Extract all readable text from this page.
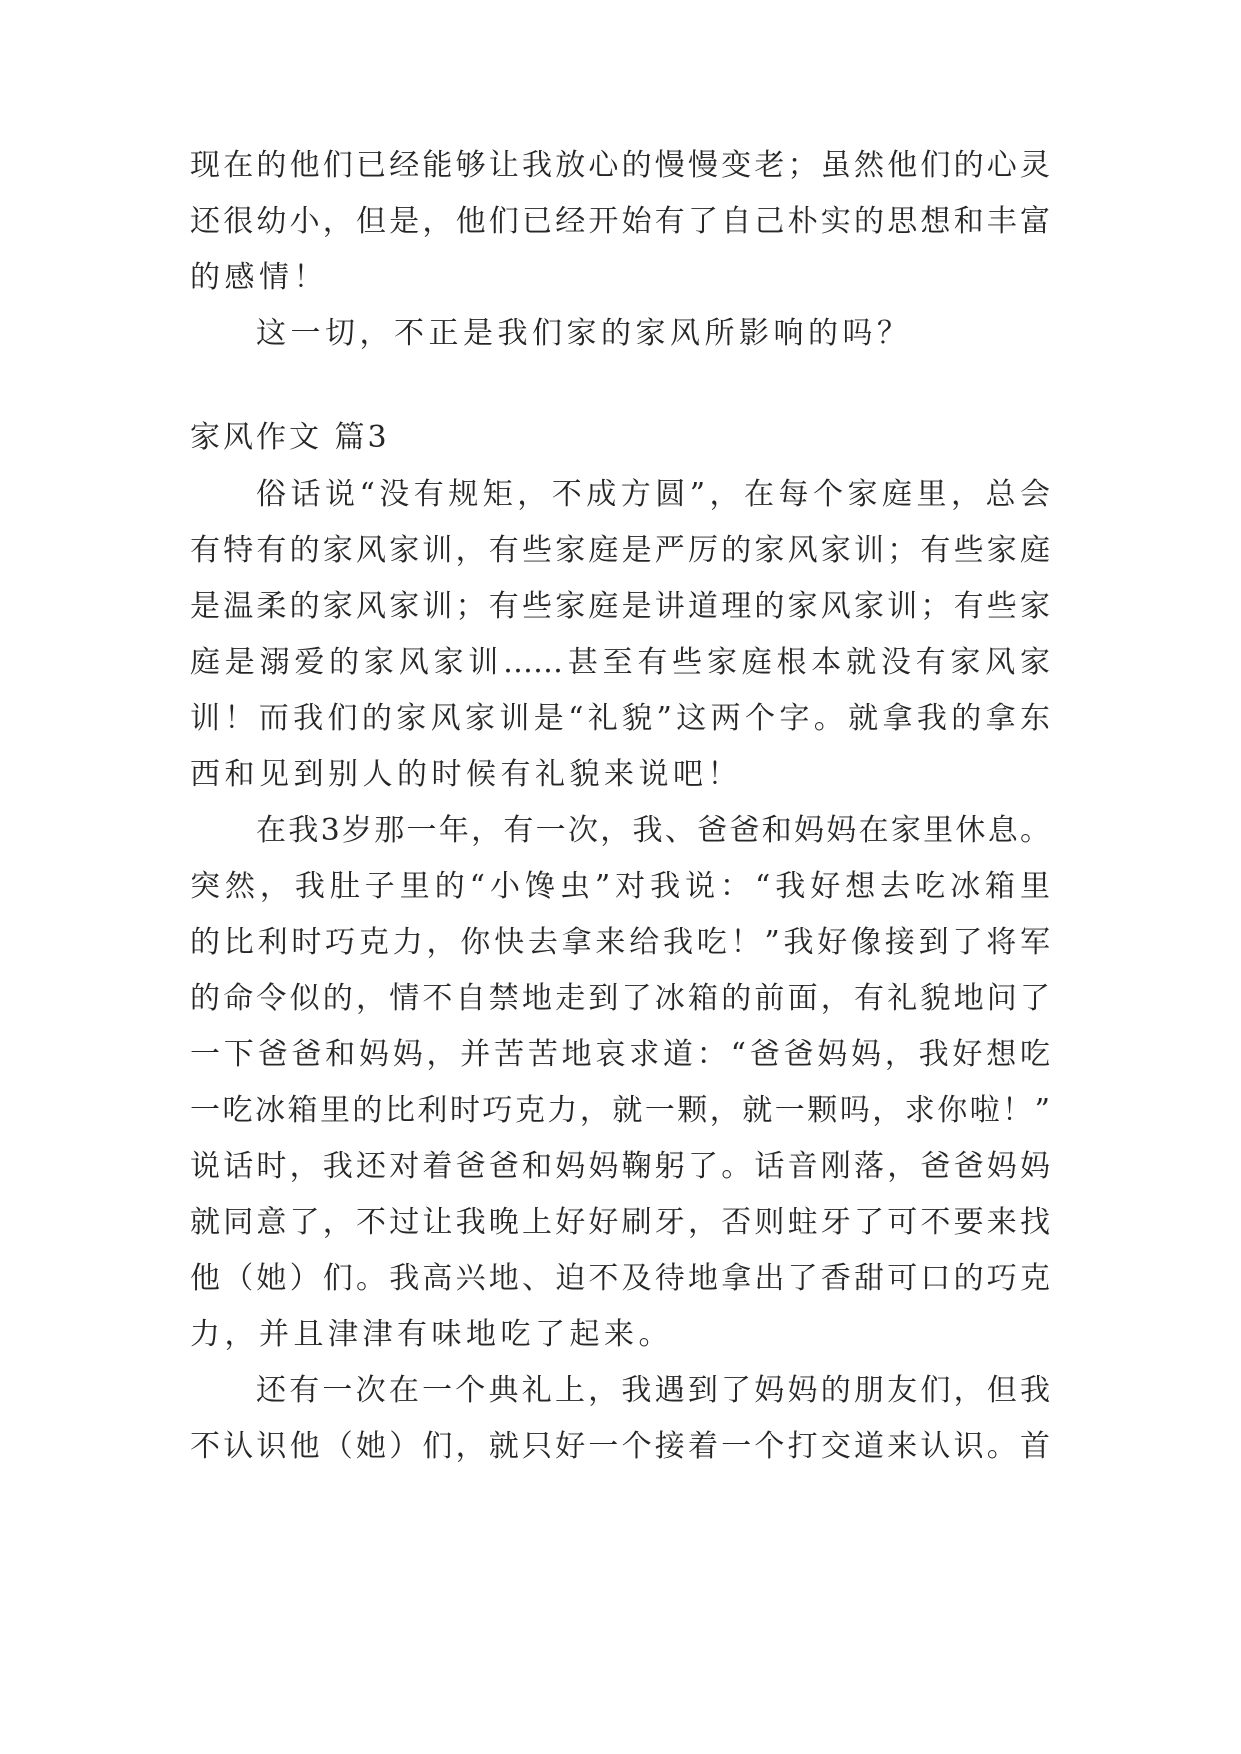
现在的他们已经能够让我放心的慢慢变老；虽然他们的心灵
还很幼小，但是，他们已经开始有了自己朴实的思想和丰富
的感情！
这一切，不正是我们家的家风所影响的吗？
家风作文 篇3
俗话说“没有规矩，不成方圆”，在每个家庭里，总会
有特有的家风家训，有些家庭是严厉的家风家训；有些家庭
是温柔的家风家训；有些家庭是讲道理的家风家训；有些家
庭是溺爱的家风家训……甚至有些家庭根本就没有家风家
训！而我们的家风家训是“礼貌”这两个字。就拿我的拿东
西和见到别人的时候有礼貌来说吧！
在我3岁那一年，有一次，我、爸爸和妈妈在家里休息。
突然，我肚子里的“小馋虫”对我说：“我好想去吃冰箱里
的比利时巧克力，你快去拿来给我吃！”我好像接到了将军
的命令似的，情不自禁地走到了冰箱的前面，有礼貌地问了
一下爸爸和妈妈，并苦苦地哀求道：“爸爸妈妈，我好想吃
一吃冰箱里的比利时巧克力，就一颗，就一颗吗，求你啦！”
说话时，我还对着爸爸和妈妈鞠躬了。话音刚落，爸爸妈妈
就同意了，不过让我晚上好好刷牙，否则蛀牙了可不要来找
他（她）们。我高兴地、迫不及待地拿出了香甜可口的巧克
力，并且津津有味地吃了起来。
还有一次在一个典礼上，我遇到了妈妈的朋友们，但我
不认识他（她）们，就只好一个接着一个打交道来认识。首
